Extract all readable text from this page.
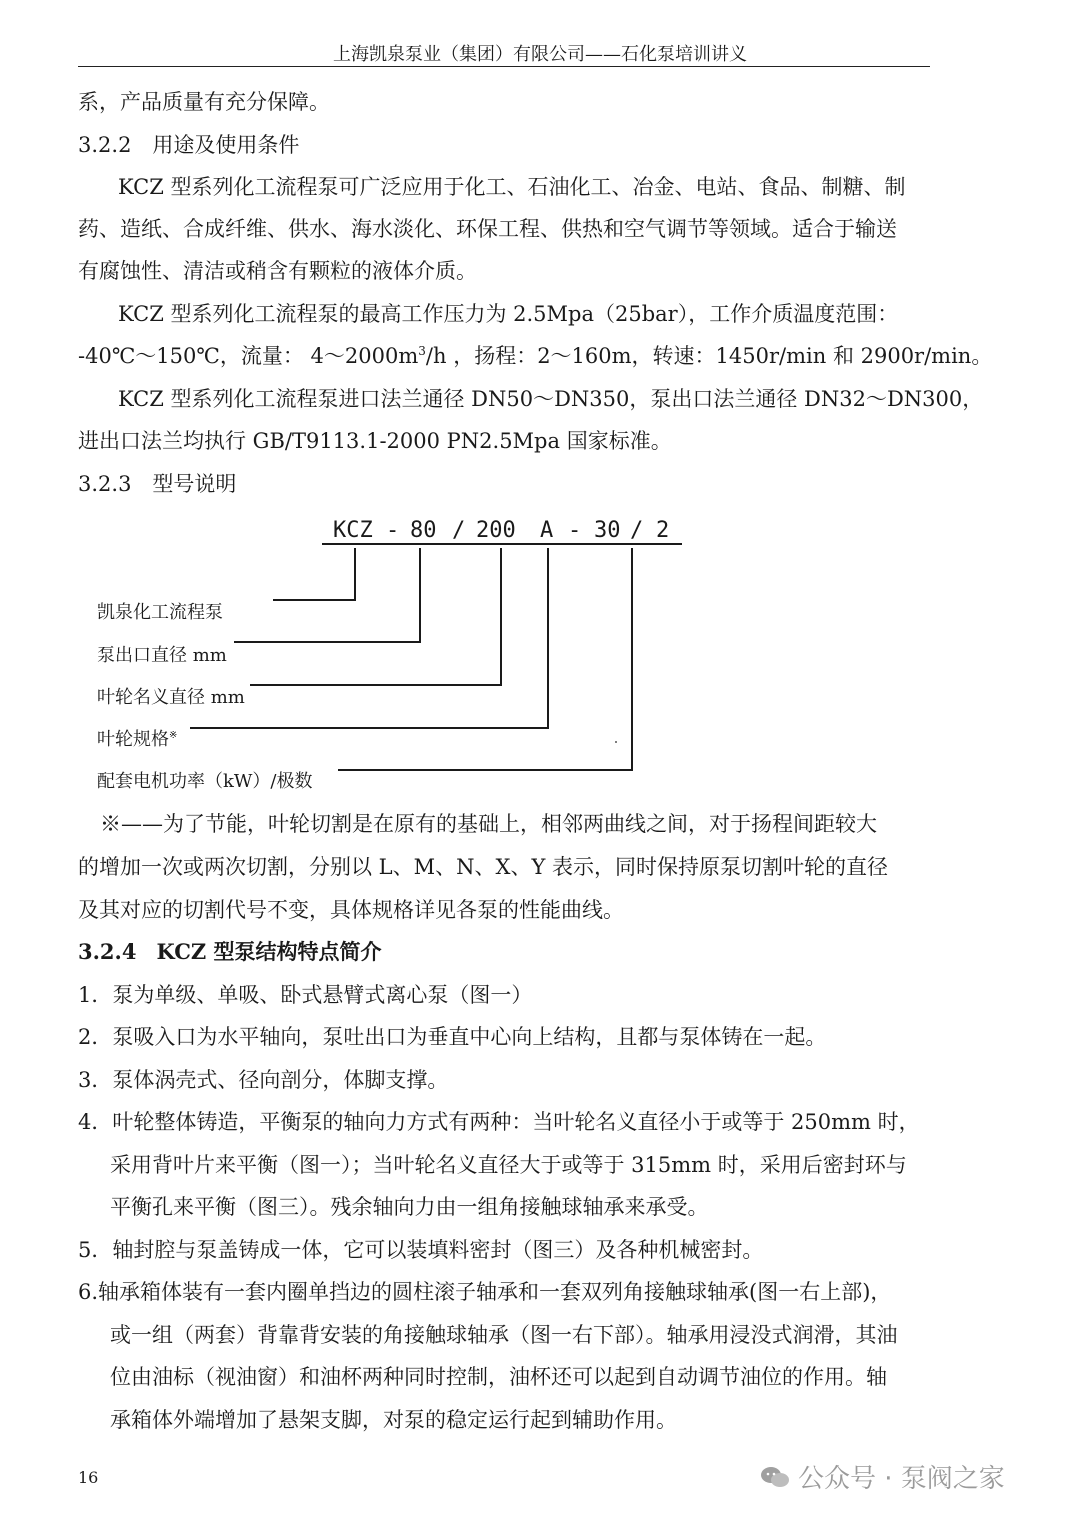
上海凯泉泵业（集团）有限公司——石化泵培训讲义
系，产品质量有充分保障。
3.2.2　用途及使用条件
KCZ 型系列化工流程泵可广泛应用于化工、石油化工、冶金、电站、食品、制糖、制
药、造纸、合成纤维、供水、海水淡化、环保工程、供热和空气调节等领域。适合于输送
有腐蚀性、清洁或稍含有颗粒的液体介质。
KCZ 型系列化工流程泵的最高工作压力为 2.5Mpa（25bar），工作介质温度范围：
-40℃～150℃，流量： $4\sim 2000m^3/h$ ，扬程：2～160m，转速：1450r/min 和 2900r/min。
KCZ 型系列化工流程泵进口法兰通径 DN50～DN350，泵出口法兰通径 DN32～DN300，
进出口法兰均执行 GB/T9113.1-2000 PN2.5Mpa 国家标准。
3.2.3　型号说明
KCZ - 80 / 200 A - 30 / 2
凯泉化工流程泵
泵出口直径 mm
叶轮名义直径 mm
叶轮规格※
配套电机功率（kW）/极数
※——为了节能，叶轮切割是在原有的基础上，相邻两曲线之间，对于扬程间距较大
的增加一次或两次切割，分别以 L、M、N、X、Y 表示，同时保持原泵切割叶轮的直径
及其对应的切割代号不变，具体规格详见各泵的性能曲线。
3.2.4 KCZ 型泵结构特点简介
1．泵为单级、单吸、卧式悬臂式离心泵（图一）
2．泵吸入口为水平轴向，泵吐出口为垂直中心向上结构，且都与泵体铸在一起。
3．泵体涡壳式、径向剖分，体脚支撑。
4．叶轮整体铸造，平衡泵的轴向力方式有两种：当叶轮名义直径小于或等于 250mm 时，
采用背叶片来平衡（图一）；当叶轮名义直径大于或等于 315mm 时，采用后密封环与
平衡孔来平衡（图三）。残余轴向力由一组角接触球轴承来承受。
5．轴封腔与泵盖铸成一体，它可以装填料密封（图三）及各种机械密封。
6.轴承箱体装有一套内圈单挡边的圆柱滚子轴承和一套双列角接触球轴承(图一右上部)，
或一组（两套）背靠背安装的角接触球轴承（图一右下部）。轴承用浸没式润滑，其油
位由油标（视油窗）和油杯两种同时控制，油杯还可以起到自动调节油位的作用。轴
承箱体外端增加了悬架支脚，对泵的稳定运行起到辅助作用。
16	公众号 · 泵阀之家
